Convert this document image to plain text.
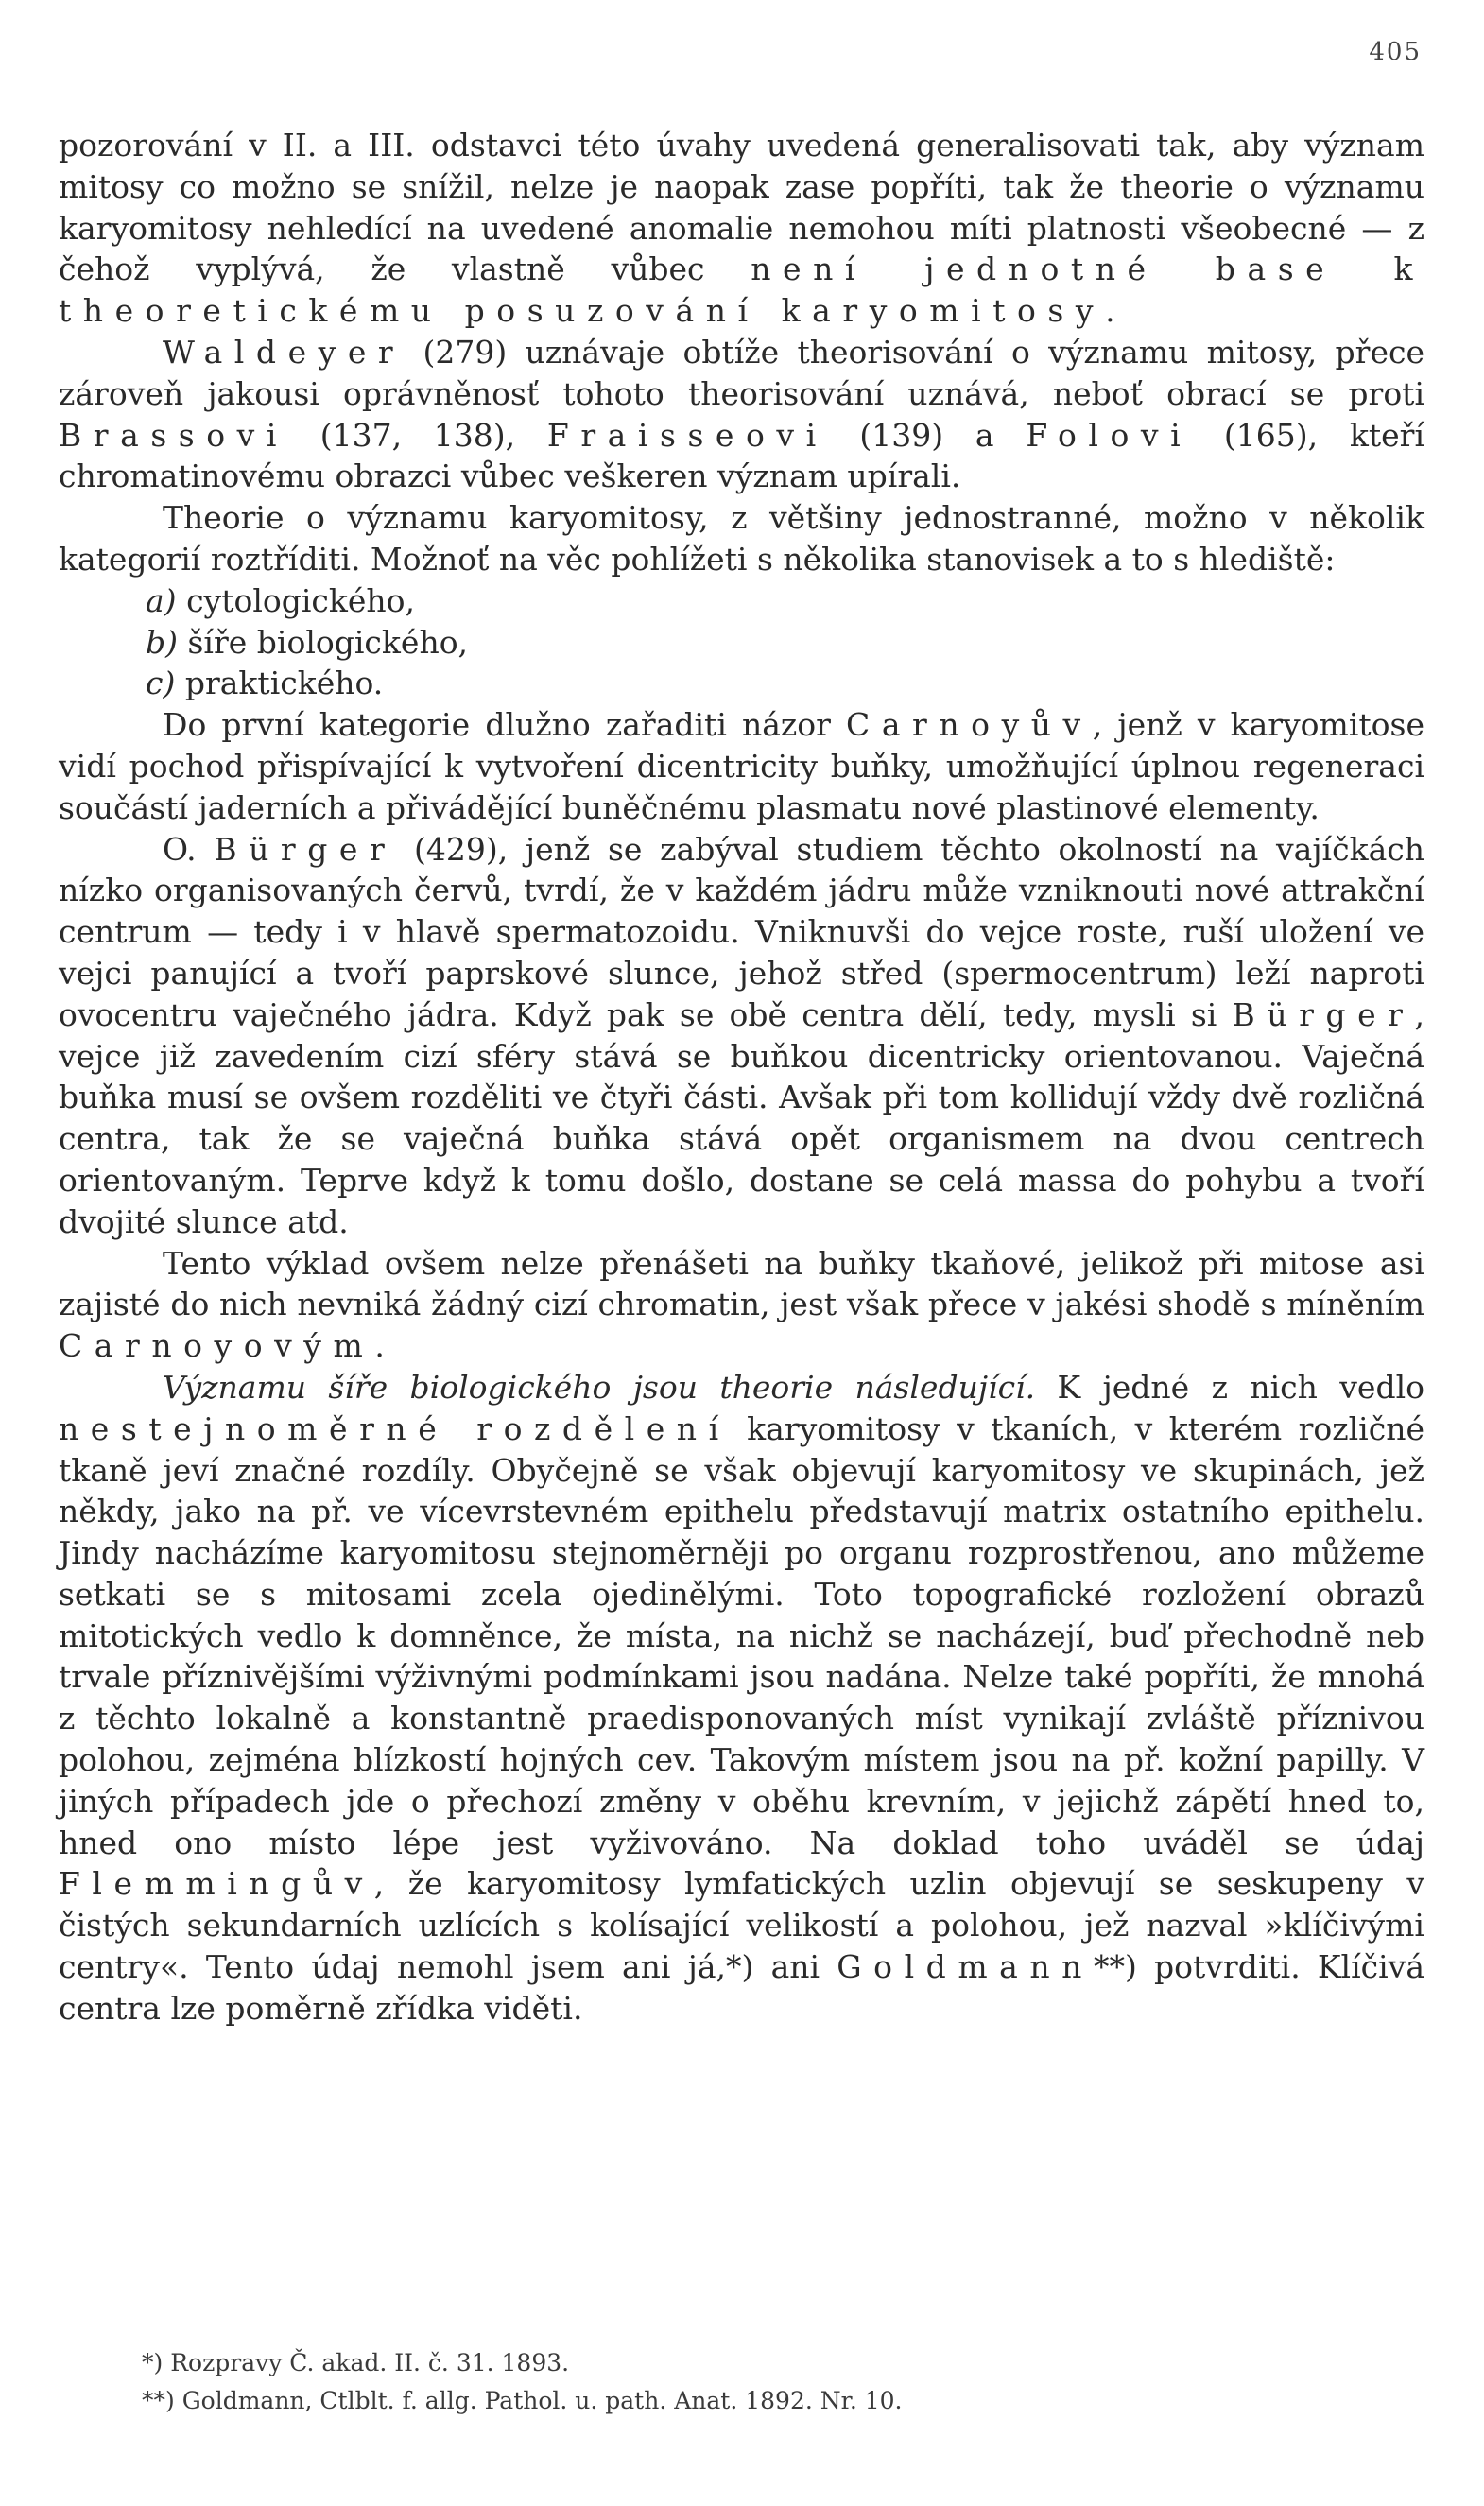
405

pozorování v II. a III. odstavci této úvahy uvedená generalisovati tak, aby význam mitosy co možno se snížil, nelze je naopak zase popříti, tak že theorie o významu karyomitosy nehledící na uvedené anomalie nemohou míti platnosti všeobecné — z čehož vyplývá, že vlastně vůbec není jednotné base k theoretickému posuzování karyomitosy.

Waldeyer (279) uznávaje obtíže theorisování o významu mitosy, přece zároveň jakousi oprávněnosť tohoto theorisování uznává, neboť obrací se proti Brassovi (137, 138), Fraisseovi (139) a Folovi (165), kteří chromatinovému obrazci vůbec veškeren význam upírali.

Theorie o významu karyomitosy, z většiny jednostranné, možno v několik kategorií roztříditi. Možnoť na věc pohlížeti s několika stanovisek a to s hlediště:

a) cytologického,

b) šíře biologického,

c) praktického.

Do první kategorie dlužno zařaditi názor Carnoyův, jenž v karyomitose vidí pochod přispívající k vytvoření dicentricity buňky, umožňující úplnou regeneraci součástí jaderních a přivádějící buněčnému plasmatu nové plastinové elementy.

O. Bürger (429), jenž se zabýval studiem těchto okolností na vajíčkách nízko organisovaných červů, tvrdí, že v každém jádru může vzniknouti nové attrakční centrum — tedy i v hlavě spermatozoidu. Vniknuvši do vejce roste, ruší uložení ve vejci panující a tvoří paprskové slunce, jehož střed (spermocentrum) leží naproti ovocentru vaječného jádra. Když pak se obě centra dělí, tedy, mysli si Bürger, vejce již zavedením cizí sféry stává se buňkou dicentricky orientovanou. Vaječná buňka musí se ovšem rozděliti ve čtyři části. Avšak při tom kollidují vždy dvě rozličná centra, tak že se vaječná buňka stává opět organismem na dvou centrech orientovaným. Teprve když k tomu došlo, dostane se celá massa do pohybu a tvoří dvojité slunce atd.

Tento výklad ovšem nelze přenášeti na buňky tkaňové, jelikož při mitose asi zajisté do nich nevniká žádný cizí chromatin, jest však přece v jakési shodě s míněním Carnoyovým.

Významu šíře biologického jsou theorie následující. K jedné z nich vedlo nestejnoměrné rozdělení karyomitosy v tkaních, v kterém rozličné tkaně jeví značné rozdíly. Obyčejně se však objevují karyomitosy ve skupinách, jež někdy, jako na př. ve vícevrstevném epithelu představují matrix ostatního epithelu. Jindy nacházíme karyomitosu stejnoměrněji po organu rozprostřenou, ano můžeme setkati se s mitosami zcela ojedinělými. Toto topografické rozložení obrazů mitotických vedlo k domněnce, že místa, na nichž se nacházejí, buď přechodně neb trvale příznivějšími výživnými podmínkami jsou nadána. Nelze také popříti, že mnohá z těchto lokalně a konstantně praedisponovaných míst vynikají zvláště příznivou polohou, zejména blízkostí hojných cev. Takovým místem jsou na př. kožní papilly. V jiných případech jde o přechozí změny v oběhu krevním, v jejichž zápětí hned to, hned ono místo lépe jest vyživováno. Na doklad toho uváděl se údaj Flemmingův, že karyomitosy lymfatických uzlin objevují se seskupeny v čistých sekundarních uzlících s kolísající velikostí a polohou, jež nazval »klíčivými centry«. Tento údaj nemohl jsem ani já,*) ani Goldmann**) potvrditi. Klíčivá centra lze poměrně zřídka viděti.

*) Rozpravy Č. akad. II. č. 31. 1893.

**) Goldmann, Ctlblt. f. allg. Pathol. u. path. Anat. 1892. Nr. 10.
